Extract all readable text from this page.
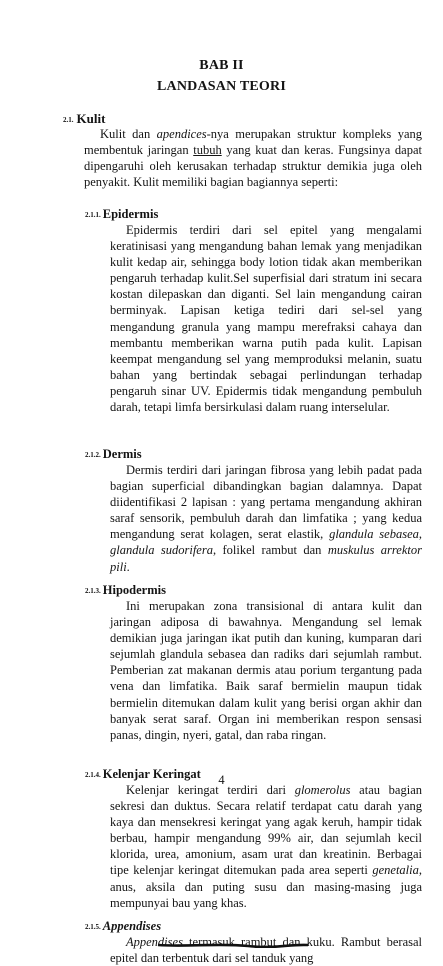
BAB II
LANDASAN TEORI
2.1. Kulit

Kulit dan apendices-nya merupakan struktur kompleks yang membentuk jaringan tubuh yang kuat dan keras. Fungsinya dapat dipengaruhi oleh kerusakan terhadap struktur demikia juga oleh penyakit. Kulit memiliki bagian bagiannya seperti:

2.1.1. Epidermis

Epidermis terdiri dari sel epitel yang mengalami keratinisasi yang mengandung bahan lemak yang menjadikan kulit kedap air, sehingga body lotion tidak akan memberikan pengaruh terhadap kulit.Sel superfisial dari stratum ini secara kostan dilepaskan dan diganti. Sel lain mengandung cairan berminyak. Lapisan ketiga tediri dari sel-sel yang mengandung granula yang mampu merefraksi cahaya dan membantu memberikan warna putih pada kulit. Lapisan keempat mengandung sel yang memproduksi melanin, suatu bahan yang bertindak sebagai perlindungan terhadap pengaruh sinar UV. Epidermis tidak mengandung pembuluh darah, tetapi limfa bersirkulasi dalam ruang interselular.

2.1.2. Dermis

Dermis terdiri dari jaringan fibrosa yang lebih padat pada bagian superficial dibandingkan bagian dalamnya. Dapat diidentifikasi 2 lapisan : yang pertama mengandung akhiran saraf sensorik, pembuluh darah dan limfatika ; yang kedua mengandung serat kolagen, serat elastik, glandula sebasea, glandula sudorifera, folikel rambut dan muskulus arrektor pili.

2.1.3. Hipodermis

Ini merupakan zona transisional di antara kulit dan jaringan adiposa di bawahnya. Mengandung sel lemak demikian juga jaringan ikat putih dan kuning, kumparan dari sejumlah glandula sebasea dan radiks dari sejumlah rambut. Pemberian zat makanan dermis atau porium tergantung pada vena dan limfatika. Baik saraf bermielin maupun tidak bermielin ditemukan dalam kulit yang berisi organ akhir dan banyak serat saraf. Organ ini memberikan respon sensasi panas, dingin, nyeri, gatal, dan raba ringan.

2.1.4. Kelenjar Keringat

Kelenjar keringat terdiri dari glomerolus atau bagian sekresi dan duktus. Secara relatif terdapat catu darah yang kaya dan mensekresi keringat yang agak keruh, hampir tidak berbau, hampir mengandung 99% air, dan sejumlah kecil klorida, urea, amonium, asam urat dan kreatinin. Berbagai tipe kelenjar keringat ditemukan pada area seperti genetalia, anus, aksila dan puting susu dan masing-masing juga mempunyai bau yang khas.

4
2.1.5. Appendises

Appendises termasuk rambut dan kuku. Rambut berasal epitel dan terbentuk dari sel tanduk yang
